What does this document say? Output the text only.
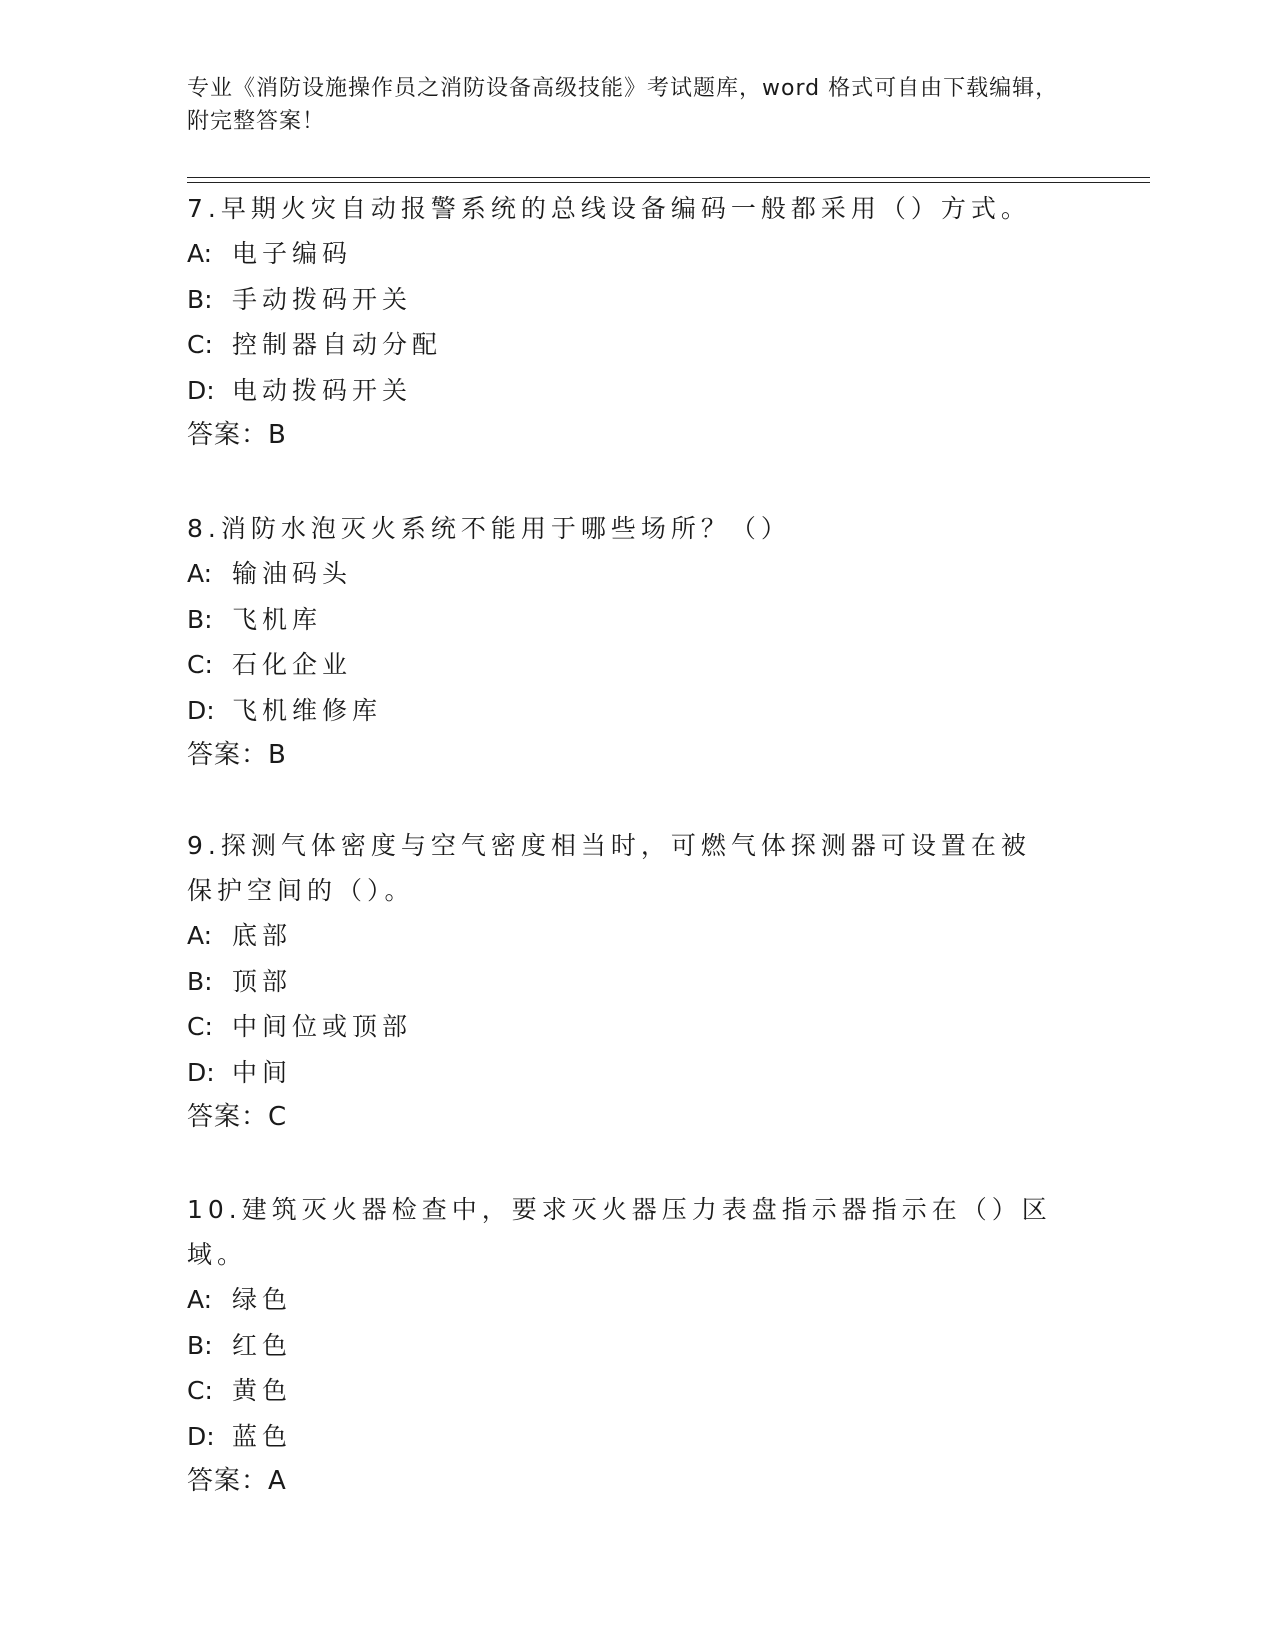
专业《消防设施操作员之消防设备高级技能》考试题库，word 格式可自由下载编辑，附完整答案！

7.早期火灾自动报警系统的总线设备编码一般都采用（）方式。

A: 电子编码

B: 手动拨码开关

C: 控制器自动分配

D: 电动拨码开关

答案：B

8.消防水泡灭火系统不能用于哪些场所？（）

A: 输油码头

B: 飞机库

C: 石化企业

D: 飞机维修库

答案：B

9.探测气体密度与空气密度相当时，可燃气体探测器可设置在被保护空间的（）。

A: 底部

B: 顶部

C: 中间位或顶部

D: 中间

答案：C

10.建筑灭火器检查中，要求灭火器压力表盘指示器指示在（）区域。

A: 绿色

B: 红色

C: 黄色

D: 蓝色

答案：A
